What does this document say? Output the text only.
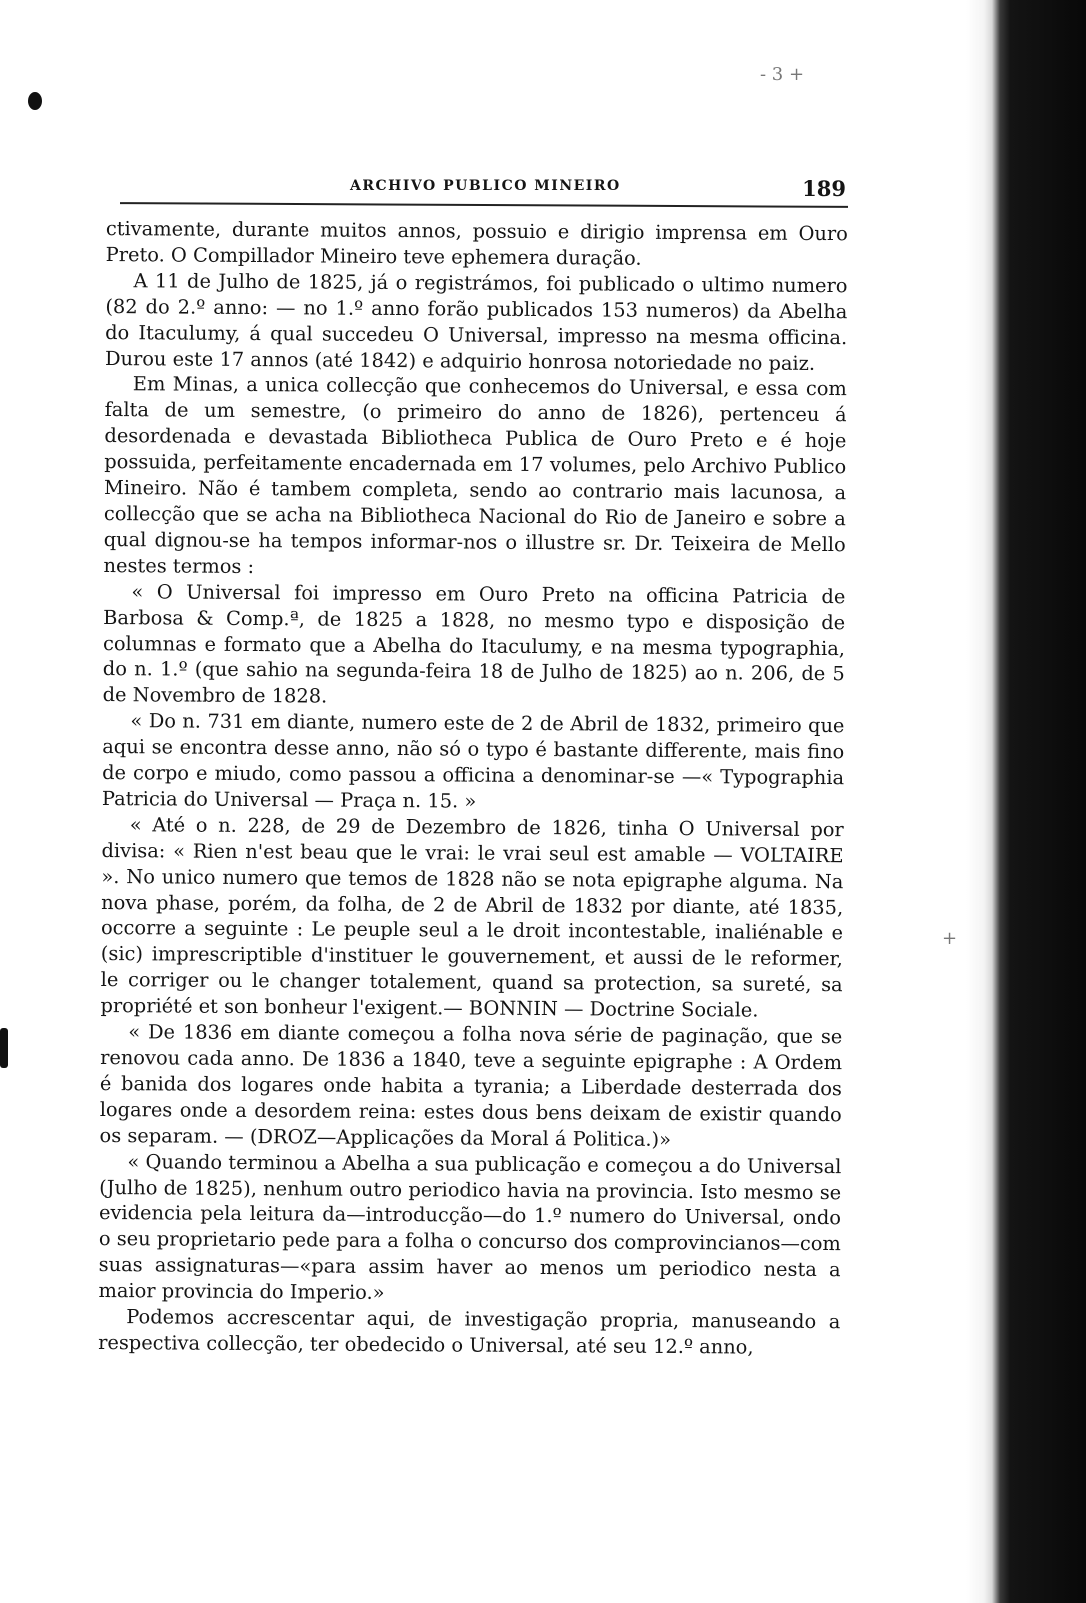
- 3 +
+
ARCHIVO PUBLICO MINEIRO	189

ctivamente, durante muitos annos, possuio e dirigio imprensa em Ouro Preto. O Compillador Mineiro teve ephemera duração.

A 11 de Julho de 1825, já o registrámos, foi publicado o ultimo numero (82 do 2.º anno: — no 1.º anno forão publicados 153 numeros) da Abelha do Itaculumy, á qual succedeu O Universal, impresso na mesma officina. Durou este 17 annos (até 1842) e adquirio honrosa notoriedade no paiz.

Em Minas, a unica collecção que conhecemos do Universal, e essa com falta de um semestre, (o primeiro do anno de 1826), pertenceu á desordenada e devastada Bibliotheca Publica de Ouro Preto e é hoje possuida, perfeitamente encadernada em 17 volumes, pelo Archivo Publico Mineiro. Não é tambem completa, sendo ao contrario mais lacunosa, a collecção que se acha na Bibliotheca Nacional do Rio de Janeiro e sobre a qual dignou-se ha tempos informar-nos o illustre sr. Dr. Teixeira de Mello nestes termos :

« O Universal foi impresso em Ouro Preto na officina Patricia de Barbosa & Comp.ª, de 1825 a 1828, no mesmo typo e disposição de columnas e formato que a Abelha do Itaculumy, e na mesma typographia, do n. 1.º (que sahio na segunda-feira 18 de Julho de 1825) ao n. 206, de 5 de Novembro de 1828.

« Do n. 731 em diante, numero este de 2 de Abril de 1832, primeiro que aqui se encontra desse anno, não só o typo é bastante differente, mais fino de corpo e miudo, como passou a officina a denominar-se —« Typographia Patricia do Universal — Praça n. 15. »

« Até o n. 228, de 29 de Dezembro de 1826, tinha O Universal por divisa: « Rien n'est beau que le vrai: le vrai seul est amable — VOLTAIRE ». No unico numero que temos de 1828 não se nota epigraphe alguma. Na nova phase, porém, da folha, de 2 de Abril de 1832 por diante, até 1835, occorre a seguinte : Le peuple seul a le droit incontestable, inaliénable e (sic) imprescriptible d'instituer le gouvernement, et aussi de le reformer, le corriger ou le changer totalement, quand sa protection, sa sureté, sa propriété et son bonheur l'exigent.— BONNIN — Doctrine Sociale.

« De 1836 em diante começou a folha nova série de paginação, que se renovou cada anno. De 1836 a 1840, teve a seguinte epigraphe : A Ordem é banida dos logares onde habita a tyrania; a Liberdade desterrada dos logares onde a desordem reina: estes dous bens deixam de existir quando os separam. — (DROZ—Applicações da Moral á Politica.)»

« Quando terminou a Abelha a sua publicação e começou a do Universal (Julho de 1825), nenhum outro periodico havia na provincia. Isto mesmo se evidencia pela leitura da—introducção—do 1.º numero do Universal, ondo o seu proprietario pede para a folha o concurso dos comprovincianos—com suas assignaturas—«para assim haver ao menos um periodico nesta a maior provincia do Imperio.»

Podemos accrescentar aqui, de investigação propria, manuseando a respectiva collecção, ter obedecido o Universal, até seu 12.º anno,
